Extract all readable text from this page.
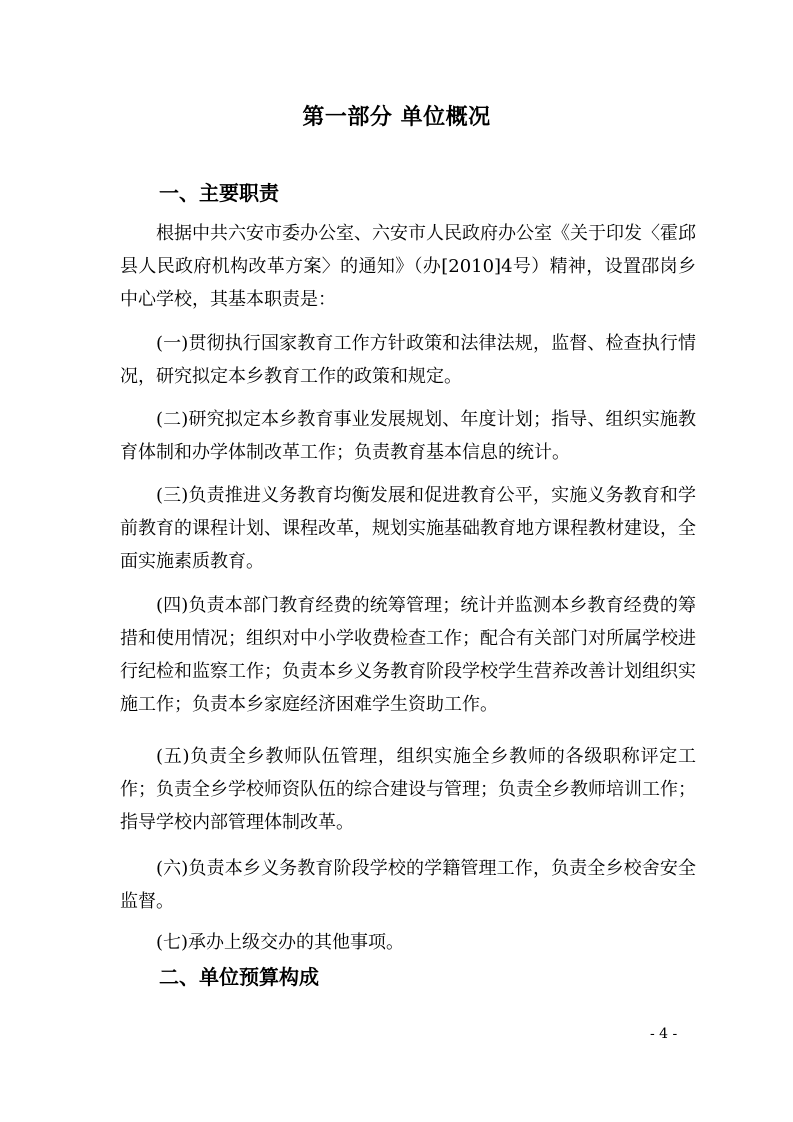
第一部分 单位概况
一、主要职责
根据中共六安市委办公室、六安市人民政府办公室《关于印发〈霍邱县人民政府机构改革方案〉的通知》（办[2010]4号）精神，设置邵岗乡中心学校，其基本职责是：
(一)贯彻执行国家教育工作方针政策和法律法规，监督、检查执行情况，研究拟定本乡教育工作的政策和规定。
(二)研究拟定本乡教育事业发展规划、年度计划；指导、组织实施教育体制和办学体制改革工作；负责教育基本信息的统计。
(三)负责推进义务教育均衡发展和促进教育公平，实施义务教育和学前教育的课程计划、课程改革，规划实施基础教育地方课程教材建设，全面实施素质教育。
(四)负责本部门教育经费的统筹管理；统计并监测本乡教育经费的筹措和使用情况；组织对中小学收费检查工作；配合有关部门对所属学校进行纪检和监察工作；负责本乡义务教育阶段学校学生营养改善计划组织实施工作；负责本乡家庭经济困难学生资助工作。
(五)负责全乡教师队伍管理，组织实施全乡教师的各级职称评定工作；负责全乡学校师资队伍的综合建设与管理；负责全乡教师培训工作；指导学校内部管理体制改革。
(六)负责本乡义务教育阶段学校的学籍管理工作，负责全乡校舍安全监督。
(七)承办上级交办的其他事项。
二、单位预算构成
- 4 -
